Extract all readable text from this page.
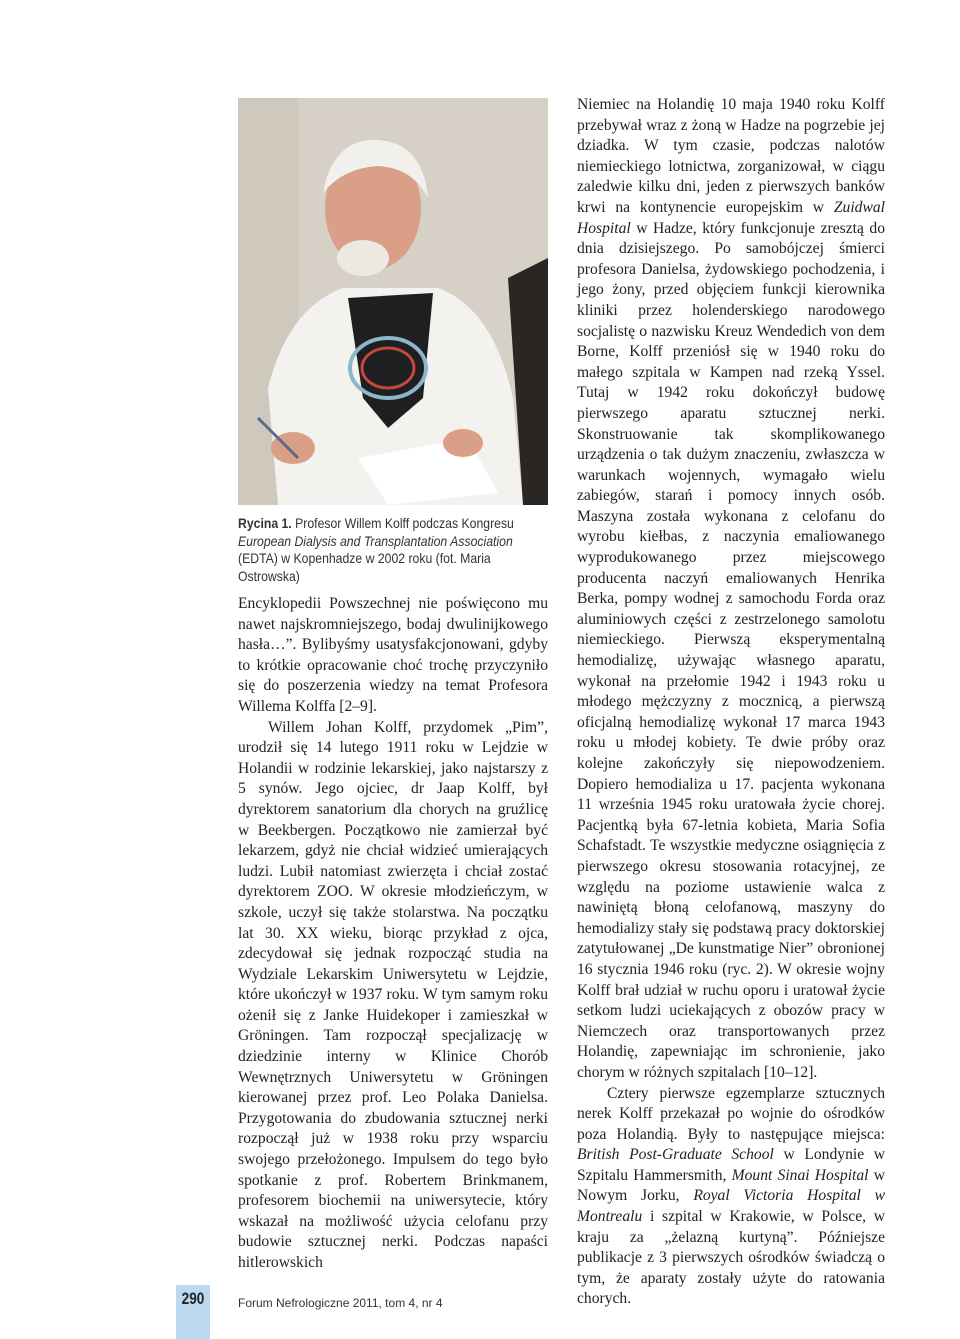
Rycina 1. Profesor Willem Kolff podczas Kongresu European Dialysis and Transplantation Association (EDTA) w Kopenhadze w 2002 roku (fot. Maria Ostrowska)

Encyklopedii Powszechnej nie poświęcono mu nawet najskromniejszego, bodaj dwulinijkowego hasła…”. Bylibyśmy usatysfakcjonowani, gdyby to krótkie opracowanie choć trochę przyczyniło się do poszerzenia wiedzy na temat Profesora Willema Kolffa [2–9].

Willem Johan Kolff, przydomek „Pim”, urodził się 14 lutego 1911 roku w Lejdzie w Holandii w rodzinie lekarskiej, jako najstarszy z 5 synów. Jego ojciec, dr Jaap Kolff, był dyrektorem sanatorium dla chorych na gruźlicę w Beekbergen. Początkowo nie zamierzał być lekarzem, gdyż nie chciał widzieć umierających ludzi. Lubił natomiast zwierzęta i chciał zostać dyrektorem ZOO. W okresie młodzieńczym, w szkole, uczył się także stolarstwa. Na początku lat 30. XX wieku, biorąc przykład z ojca, zdecydował się jednak rozpocząć studia na Wydziale Lekarskim Uniwersytetu w Lejdzie, które ukończył w 1937 roku. W tym samym roku ożenił się z Janke Huidekoper i zamieszkał w Gröningen. Tam rozpoczął specjalizację w dziedzinie interny w Klinice Chorób Wewnętrznych Uniwersytetu w Gröningen kierowanej przez prof. Leo Polaka Danielsa. Przygotowania do zbudowania sztucznej nerki rozpoczął już w 1938 roku przy wsparciu swojego przełożonego. Impulsem do tego było spotkanie z prof. Robertem Brinkmanem, profesorem biochemii na uniwersytecie, który wskazał na możliwość użycia celofanu przy budowie sztucznej nerki. Podczas napaści hitlerowskich

Niemiec na Holandię 10 maja 1940 roku Kolff przebywał wraz z żoną w Hadze na pogrzebie jej dziadka. W tym czasie, podczas nalotów niemieckiego lotnictwa, zorganizował, w ciągu zaledwie kilku dni, jeden z pierwszych banków krwi na kontynencie europejskim w Zuidwal Hospital w Hadze, który funkcjonuje zresztą do dnia dzisiejszego. Po samobójczej śmierci profesora Danielsa, żydowskiego pochodzenia, i jego żony, przed objęciem funkcji kierownika kliniki przez holenderskiego narodowego socjalistę o nazwisku Kreuz Wendedich von dem Borne, Kolff przeniósł się w 1940 roku do małego szpitala w Kampen nad rzeką Yssel. Tutaj w 1942 roku dokończył budowę pierwszego aparatu sztucznej nerki. Skonstruowanie tak skomplikowanego urządzenia o tak dużym znaczeniu, zwłaszcza w warunkach wojennych, wymagało wielu zabiegów, starań i pomocy innych osób. Maszyna została wykonana z celofanu do wyrobu kiełbas, z naczynia emaliowanego wyprodukowanego przez miejscowego producenta naczyń emaliowanych Henrika Berka, pompy wodnej z samochodu Forda oraz aluminiowych części z zestrzelonego samolotu niemieckiego. Pierwszą eksperymentalną hemodializę, używając własnego aparatu, wykonał na przełomie 1942 i 1943 roku u młodego mężczyzny z mocznicą, a pierwszą oficjalną hemodializę wykonał 17 marca 1943 roku u młodej kobiety. Te dwie próby oraz kolejne zakończyły się niepowodzeniem. Dopiero hemodializa u 17. pacjenta wykonana 11 września 1945 roku uratowała życie chorej. Pacjentką była 67-letnia kobieta, Maria Sofia Schafstadt. Te wszystkie medyczne osiągnięcia z pierwszego okresu stosowania rotacyjnej, ze względu na poziome ustawienie walca z nawiniętą błoną celofanową, maszyny do hemodializy stały się podstawą pracy doktorskiej zatytułowanej „De kunstmatige Nier” obronionej 16 stycznia 1946 roku (ryc. 2). W okresie wojny Kolff brał udział w ruchu oporu i uratował życie setkom ludzi uciekających z obozów pracy w Niemczech oraz transportowanych przez Holandię, zapewniając im schronienie, jako chorym w różnych szpitalach [10–12].

Cztery pierwsze egzemplarze sztucznych nerek Kolff przekazał po wojnie do ośrodków poza Holandią. Były to następujące miejsca: British Post-Graduate School w Londynie w Szpitalu Hammersmith, Mount Sinai Hospital w Nowym Jorku, Royal Victoria Hospital w Montrealu i szpital w Krakowie, w Polsce, w kraju za „żelazną kurtyną”. Późniejsze publikacje z 3 pierwszych ośrodków świadczą o tym, że aparaty zostały użyte do ratowania chorych.

290	Forum Nefrologiczne 2011, tom 4, nr 4
